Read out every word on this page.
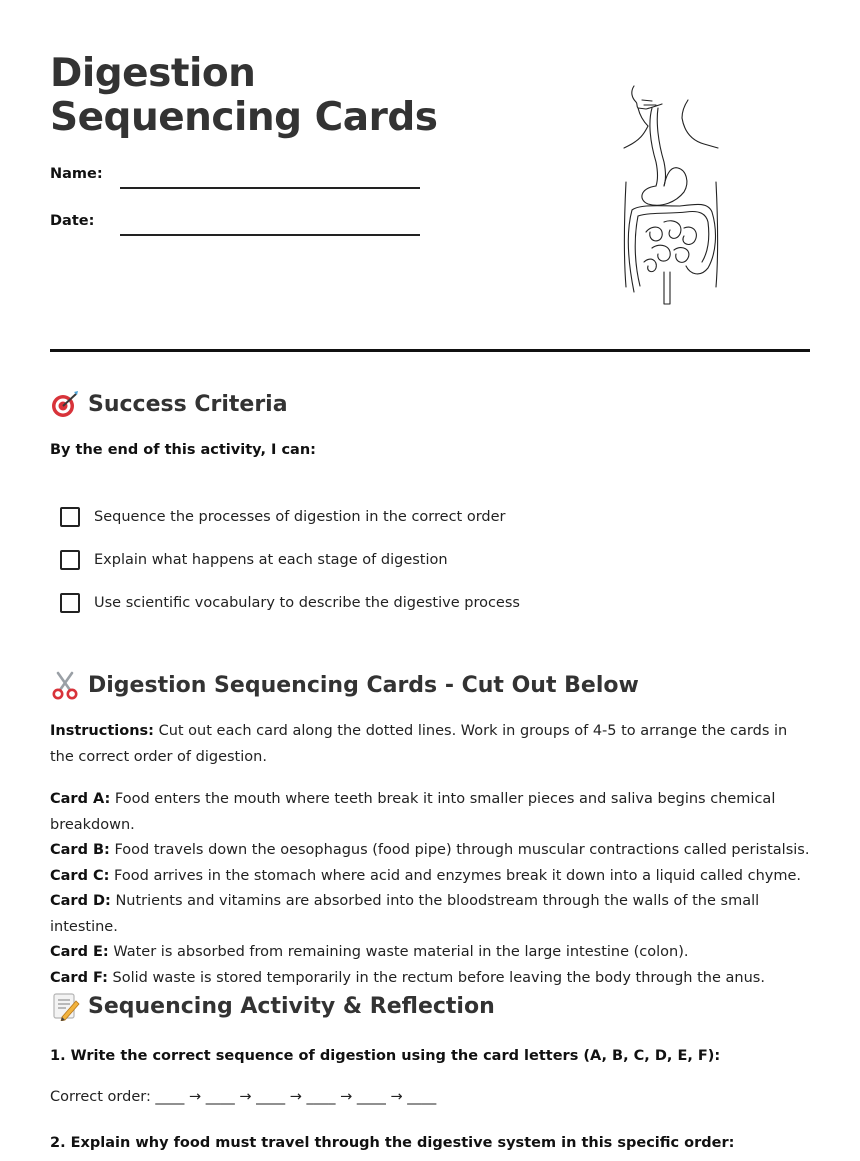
Digestion Sequencing Cards
Name:
Date:
Success Criteria
By the end of this activity, I can:
Sequence the processes of digestion in the correct order
Explain what happens at each stage of digestion
Use scientific vocabulary to describe the digestive process
Digestion Sequencing Cards - Cut Out Below
Instructions: Cut out each card along the dotted lines. Work in groups of 4-5 to arrange the cards in the correct order of digestion.
Card A: Food enters the mouth where teeth break it into smaller pieces and saliva begins chemical breakdown.
Card B: Food travels down the oesophagus (food pipe) through muscular contractions called peristalsis.
Card C: Food arrives in the stomach where acid and enzymes break it down into a liquid called chyme.
Card D: Nutrients and vitamins are absorbed into the bloodstream through the walls of the small intestine.
Card E: Water is absorbed from remaining waste material in the large intestine (colon).
Card F: Solid waste is stored temporarily in the rectum before leaving the body through the anus.
Sequencing Activity & Reflection
1. Write the correct sequence of digestion using the card letters (A, B, C, D, E, F):
Correct order: ____ → ____ → ____ → ____ → ____ → ____
2. Explain why food must travel through the digestive system in this specific order:
